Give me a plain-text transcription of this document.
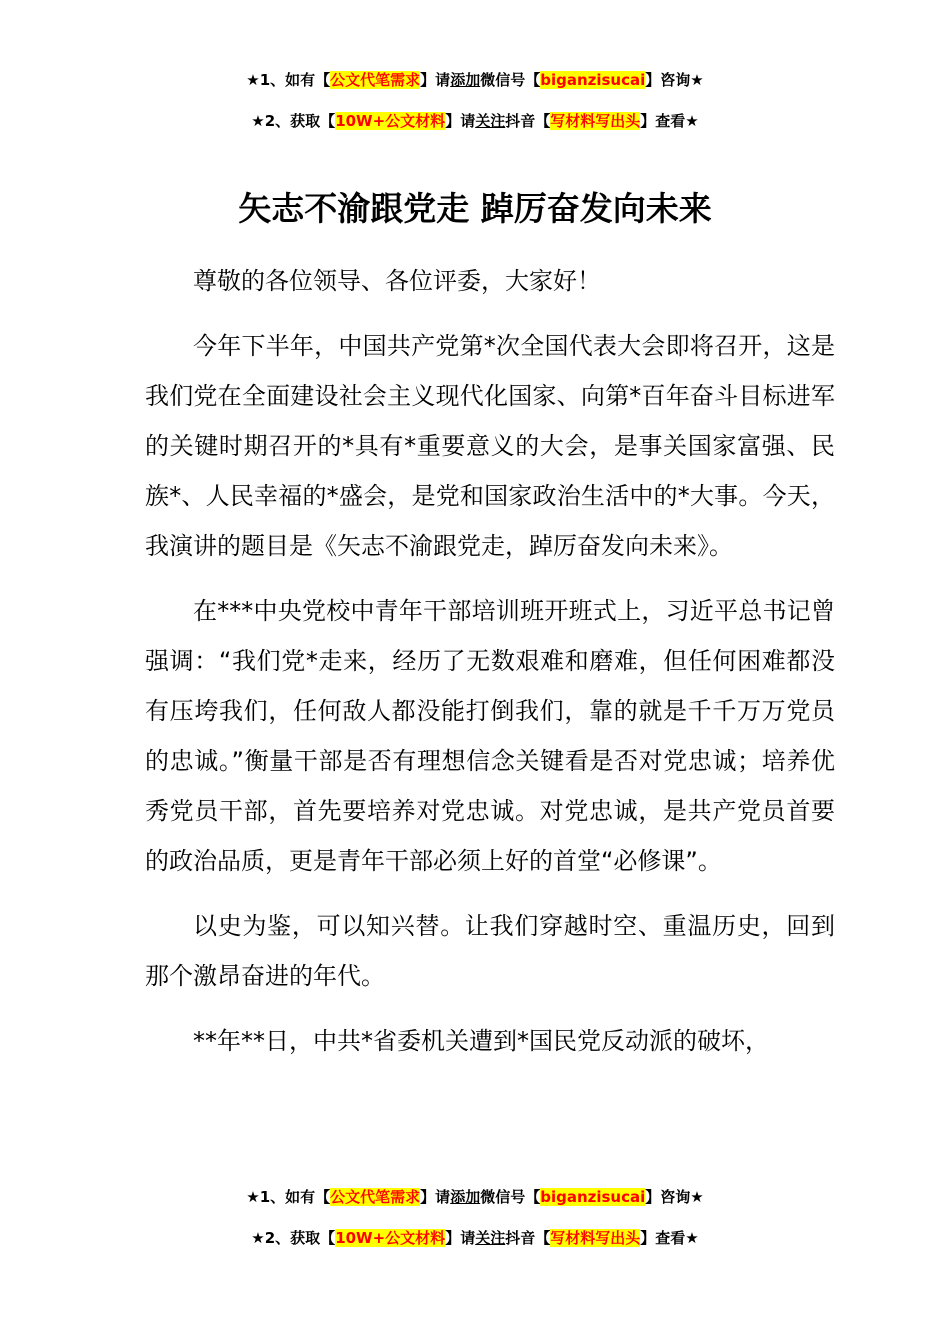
★1、如有【公文代笔需求】请添加微信号【biganzisucai】咨询★
★2、获取【10W+公文材料】请关注抖音【写材料写出头】查看★
矢志不渝跟党走 踔厉奋发向未来

尊敬的各位领导、各位评委，大家好！

今年下半年，中国共产党第*次全国代表大会即将召开，这是我们党在全面建设社会主义现代化国家、向第*百年奋斗目标进军的关键时期召开的*具有*重要意义的大会，是事关国家富强、民族*、人民幸福的*盛会，是党和国家政治生活中的*大事。今天，我演讲的题目是《矢志不渝跟党走，踔厉奋发向未来》。

在***中央党校中青年干部培训班开班式上，习近平总书记曾强调：“我们党*走来，经历了无数艰难和磨难，但任何困难都没有压垮我们，任何敌人都没能打倒我们，靠的就是千千万万党员的忠诚。”衡量干部是否有理想信念关键看是否对党忠诚；培养优秀党员干部，首先要培养对党忠诚。对党忠诚，是共产党员首要的政治品质，更是青年干部必须上好的首堂“必修课”。

以史为鉴，可以知兴替。让我们穿越时空、重温历史，回到那个激昂奋进的年代。

**年**日，中共*省委机关遭到*国民党反动派的破坏，

★1、如有【公文代笔需求】请添加微信号【biganzisucai】咨询★
★2、获取【10W+公文材料】请关注抖音【写材料写出头】查看★
